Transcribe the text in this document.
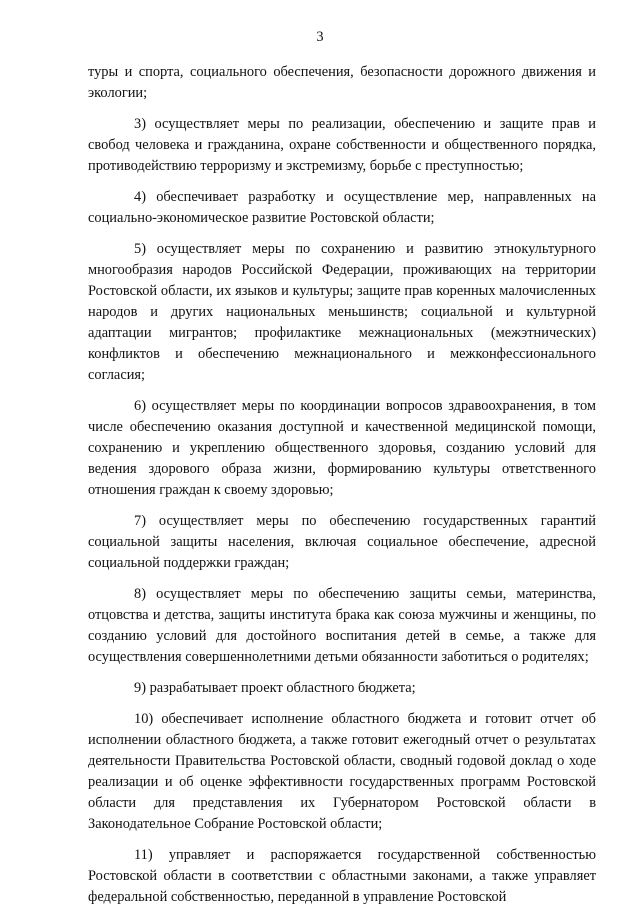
3

туры и спорта, социального обеспечения, безопасности дорожного движения и экологии;

3) осуществляет меры по реализации, обеспечению и защите прав и свобод человека и гражданина, охране собственности и общественного порядка, противодействию терроризму и экстремизму, борьбе с преступностью;

4) обеспечивает разработку и осуществление мер, направленных на социально-экономическое развитие Ростовской области;

5) осуществляет меры по сохранению и развитию этнокультурного многообразия народов Российской Федерации, проживающих на территории Ростовской области, их языков и культуры; защите прав коренных малочисленных народов и других национальных меньшинств; социальной и культурной адаптации мигрантов; профилактике межнациональных (межэтнических) конфликтов и обеспечению межнационального и межконфессионального согласия;

6) осуществляет меры по координации вопросов здравоохранения, в том числе обеспечению оказания доступной и качественной медицинской помощи, сохранению и укреплению общественного здоровья, созданию условий для ведения здорового образа жизни, формированию культуры ответственного отношения граждан к своему здоровью;

7) осуществляет меры по обеспечению государственных гарантий социальной защиты населения, включая социальное обеспечение, адресной социальной поддержки граждан;

8) осуществляет меры по обеспечению защиты семьи, материнства, отцовства и детства, защиты института брака как союза мужчины и женщины, по созданию условий для достойного воспитания детей в семье, а также для осуществления совершеннолетними детьми обязанности заботиться о родителях;

9) разрабатывает проект областного бюджета;

10) обеспечивает исполнение областного бюджета и готовит отчет об исполнении областного бюджета, а также готовит ежегодный отчет о результатах деятельности Правительства Ростовской области, сводный годовой доклад о ходе реализации и об оценке эффективности государственных программ Ростовской области для представления их Губернатором Ростовской области в Законодательное Собрание Ростовской области;

11) управляет и распоряжается государственной собственностью Ростовской области в соответствии с областными законами, а также управляет федеральной собственностью, переданной в управление Ростовской
